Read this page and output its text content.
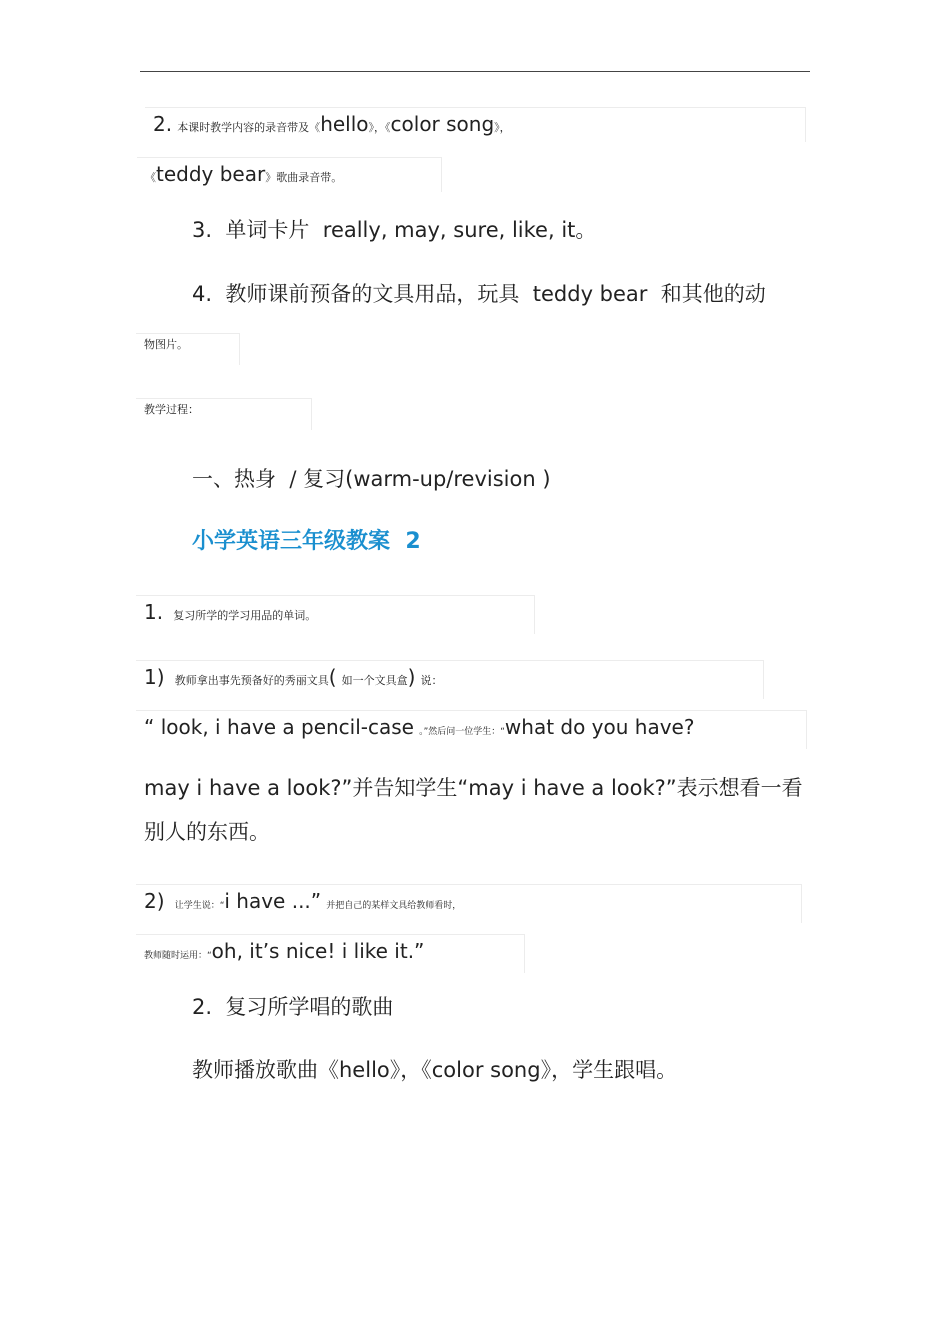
2. 本课时教学内容的录音带及《hello》，《color song》，
《teddy bear》歌曲录音带。
3. 单词卡片 really, may, sure, like, it。
4. 教师课前预备的文具用品，玩具 teddy bear 和其他的动
物图片。
教学过程：
一、热身 / 复习(warm-up/revision )
小学英语三年级教案 2
1. 复习所学的学习用品的单词。
1) 教师拿出事先预备好的秀丽文具( 如一个文具盒) 说：
“ look, i have a pencil-case 。”然后问一位学生：“what do you have?
may i have a look?”并告知学生“may i have a look?”表示想看一看别人的东西。
2) 让学生说：“i have ...” 并把自己的某样文具给教师看时，
教师随时运用：“oh, it’s nice! i like it.”
2. 复习所学唱的歌曲
教师播放歌曲《hello》，《color song》，学生跟唱。
